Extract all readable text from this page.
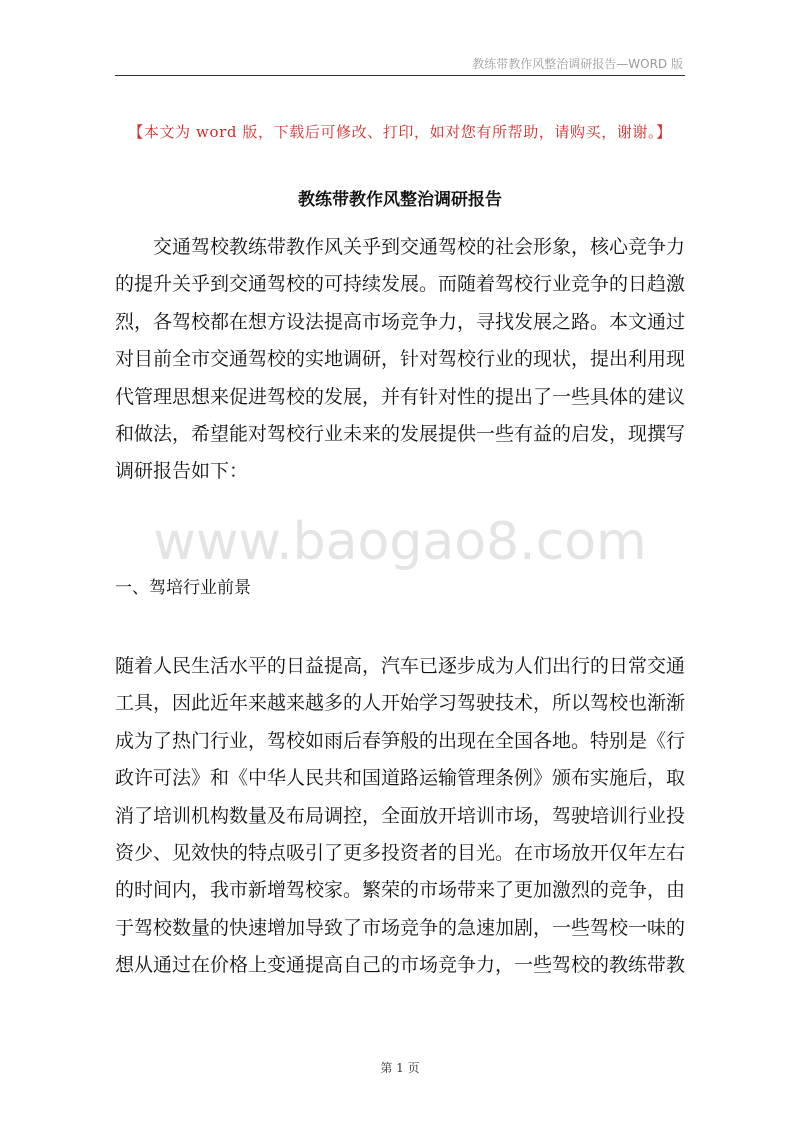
教练带教作风整治调研报告—WORD 版
【本文为 word 版，下载后可修改、打印，如对您有所帮助，请购买，谢谢。】
教练带教作风整治调研报告

交通驾校教练带教作风关乎到交通驾校的社会形象，核心竞争力的提升关乎到交通驾校的可持续发展。而随着驾校行业竞争的日趋激烈，各驾校都在想方设法提高市场竞争力，寻找发展之路。本文通过对目前全市交通驾校的实地调研，针对驾校行业的现状，提出利用现代管理思想来促进驾校的发展，并有针对性的提出了一些具体的建议和做法，希望能对驾校行业未来的发展提供一些有益的启发，现撰写调研报告如下：

www.baogao8.com
一、驾培行业前景

随着人民生活水平的日益提高，汽车已逐步成为人们出行的日常交通工具，因此近年来越来越多的人开始学习驾驶技术，所以驾校也渐渐成为了热门行业，驾校如雨后春笋般的出现在全国各地。特别是《行政许可法》和《中华人民共和国道路运输管理条例》颁布实施后，取消了培训机构数量及布局调控，全面放开培训市场，驾驶培训行业投资少、见效快的特点吸引了更多投资者的目光。在市场放开仅年左右的时间内，我市新增驾校家。繁荣的市场带来了更加激烈的竞争，由于驾校数量的快速增加导致了市场竞争的急速加剧，一些驾校一味的想从通过在价格上变通提高自己的市场竞争力，一些驾校的教练带教

第 1 页
